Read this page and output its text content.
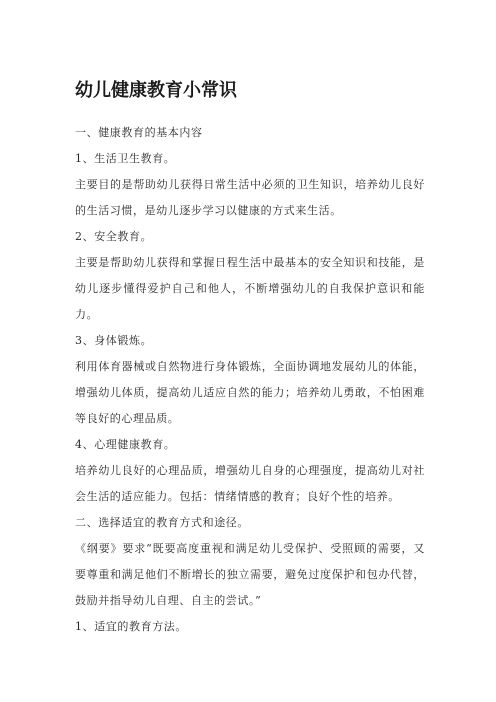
幼儿健康教育小常识
一、健康教育的基本内容
1、生活卫生教育。
主要目的是帮助幼儿获得日常生活中必须的卫生知识，培养幼儿良好
的生活习惯，是幼儿逐步学习以健康的方式来生活。
2、安全教育。
主要是帮助幼儿获得和掌握日程生活中最基本的安全知识和技能，是
幼儿逐步懂得爱护自己和他人，不断增强幼儿的自我保护意识和能
力。
3、身体锻炼。
利用体育器械或自然物进行身体锻炼，全面协调地发展幼儿的体能，
增强幼儿体质，提高幼儿适应自然的能力；培养幼儿勇敢，不怕困难
等良好的心理品质。
4、心理健康教育。
培养幼儿良好的心理品质，增强幼儿自身的心理强度，提高幼儿对社
会生活的适应能力。包括：情绪情感的教育；良好个性的培养。
二、选择适宜的教育方式和途径。
《纲要》要求“既要高度重视和满足幼儿受保护、受照顾的需要，又
要尊重和满足他们不断增长的独立需要，避免过度保护和包办代替，
鼓励并指导幼儿自理、自主的尝试。”
1、适宜的教育方法。
